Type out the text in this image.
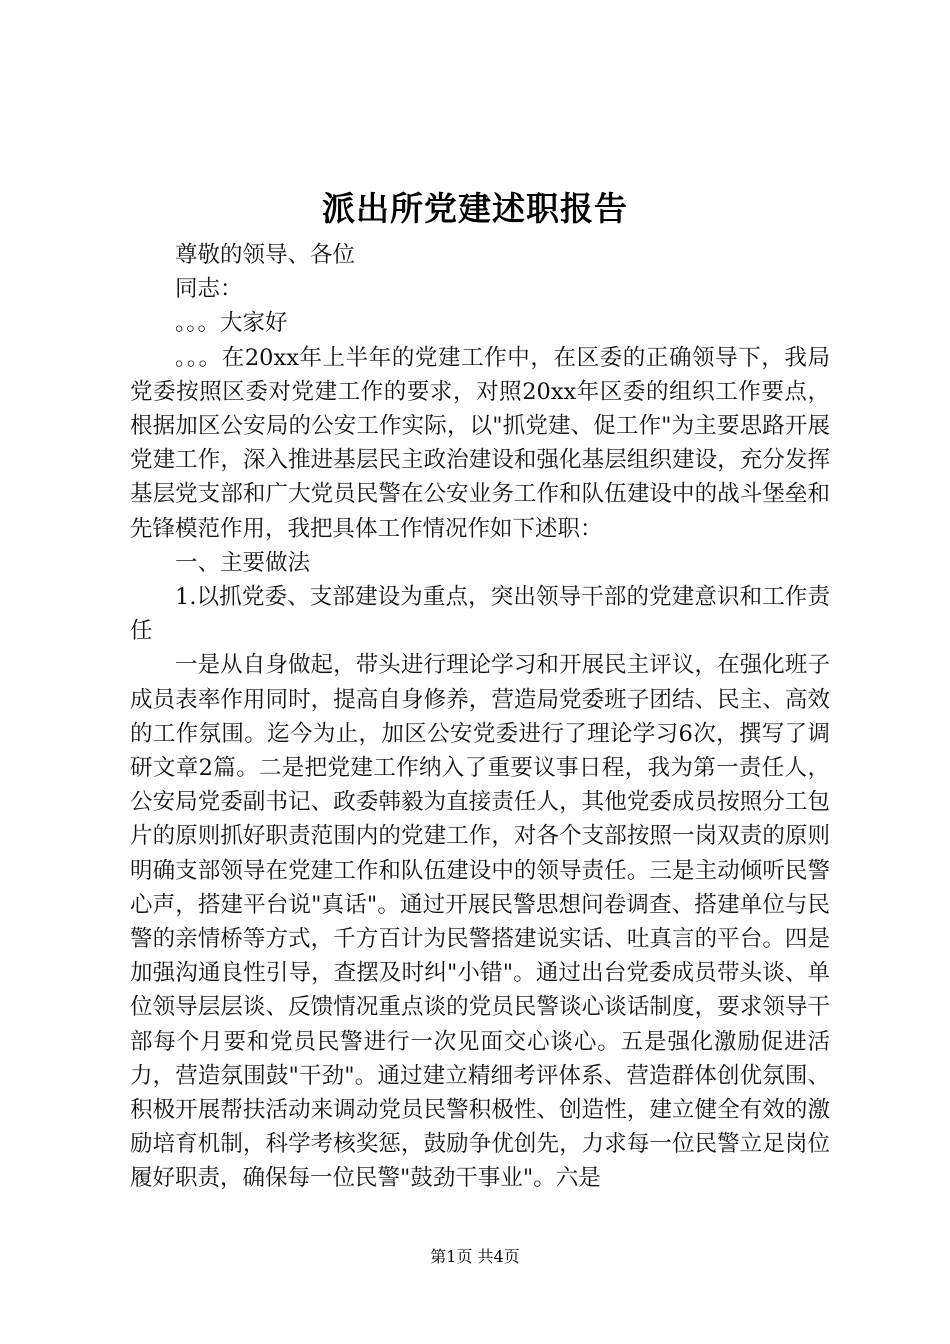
派出所党建述职报告

尊敬的领导、各位

同志：

。。。大家好

。。。在20xx年上半年的党建工作中，在区委的正确领导下，我局党委按照区委对党建工作的要求，对照20xx年区委的组织工作要点，根据加区公安局的公安工作实际，以"抓党建、促工作"为主要思路开展党建工作，深入推进基层民主政治建设和强化基层组织建设，充分发挥基层党支部和广大党员民警在公安业务工作和队伍建设中的战斗堡垒和先锋模范作用，我把具体工作情况作如下述职：

一、主要做法

1.以抓党委、支部建设为重点，突出领导干部的党建意识和工作责任

一是从自身做起，带头进行理论学习和开展民主评议，在强化班子成员表率作用同时，提高自身修养，营造局党委班子团结、民主、高效的工作氛围。迄今为止，加区公安党委进行了理论学习6次，撰写了调研文章2篇。二是把党建工作纳入了重要议事日程，我为第一责任人，公安局党委副书记、政委韩毅为直接责任人，其他党委成员按照分工包片的原则抓好职责范围内的党建工作，对各个支部按照一岗双责的原则明确支部领导在党建工作和队伍建设中的领导责任。三是主动倾听民警心声，搭建平台说"真话"。通过开展民警思想问卷调查、搭建单位与民警的亲情桥等方式，千方百计为民警搭建说实话、吐真言的平台。四是加强沟通良性引导，查摆及时纠"小错"。通过出台党委成员带头谈、单位领导层层谈、反馈情况重点谈的党员民警谈心谈话制度，要求领导干部每个月要和党员民警进行一次见面交心谈心。五是强化激励促进活力，营造氛围鼓"干劲"。通过建立精细考评体系、营造群体创优氛围、积极开展帮扶活动来调动党员民警积极性、创造性，建立健全有效的激励培育机制，科学考核奖惩，鼓励争优创先，力求每一位民警立足岗位履好职责，确保每一位民警"鼓劲干事业"。六是

第1页 共4页
